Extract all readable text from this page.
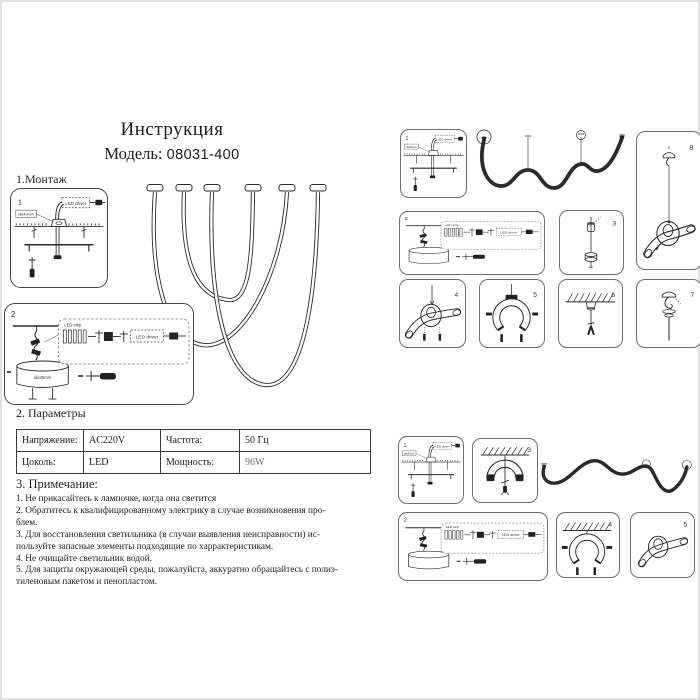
Инструкция
Модель: 08031-400
1.Монтаж
1	LED driver
dia40mm
2
dia40mm
LED strip
LED driver
2. Параметры
Напряжение:	AC220V	Частота:	50 Гц
Цоколь:	LED	Мощность:	96W
3. Примечание:
1. Не прикасайтесь к лампочке, когда она светится
2. Обратитесь к квалифицированному электрику в случае возникновения про-
блем.
3. Для восстановления светильника (в случаи выявления неисправности) ис-
пользуйте запасные элементы подходящие по харрактеристикам.
4. Не очищайте светильник водой.
5. Для защиты окружающей среды, пожалуйста, аккуратно обращайтесь с полиэ-
тиленовым пакетом и пенопластом.
1	LED driver
dia40mm	8
2
LED strip
LED driver
3
4	5	6	7
1	LED driver
dia40mm	3
2
LED strip
LED driver
4	5
